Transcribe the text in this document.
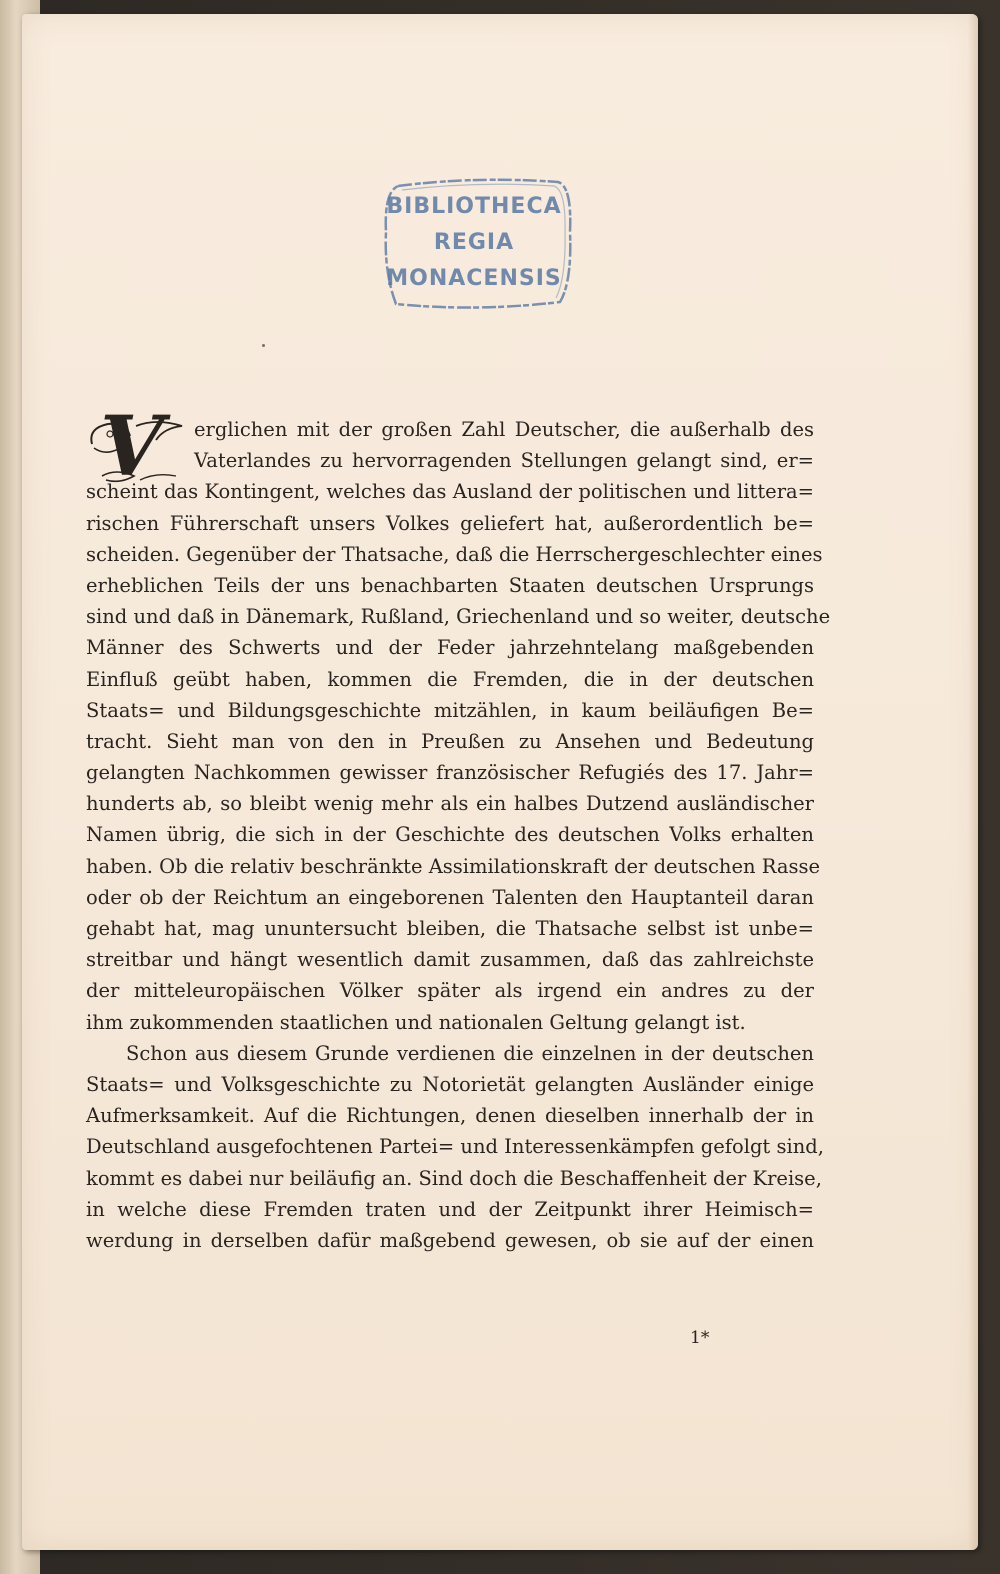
BIBLIOTHECA
REGIA
MONACENSIS
V	erglichen mit der großen Zahl Deutscher, die außerhalb des
Vaterlandes zu hervorragenden Stellungen gelangt sind, er=
scheint das Kontingent, welches das Ausland der politischen und littera=
rischen Führerschaft unsers Volkes geliefert hat, außerordentlich be=
scheiden. Gegenüber der Thatsache, daß die Herrschergeschlechter eines
erheblichen Teils der uns benachbarten Staaten deutschen Ursprungs
sind und daß in Dänemark, Rußland, Griechenland und so weiter, deutsche
Männer des Schwerts und der Feder jahrzehntelang maßgebenden
Einfluß geübt haben, kommen die Fremden, die in der deutschen
Staats= und Bildungsgeschichte mitzählen, in kaum beiläufigen Be=
tracht. Sieht man von den in Preußen zu Ansehen und Bedeutung
gelangten Nachkommen gewisser französischer Refugiés des 17. Jahr=
hunderts ab, so bleibt wenig mehr als ein halbes Dutzend ausländischer
Namen übrig, die sich in der Geschichte des deutschen Volks erhalten
haben. Ob die relativ beschränkte Assimilationskraft der deutschen Rasse
oder ob der Reichtum an eingeborenen Talenten den Hauptanteil daran
gehabt hat, mag ununtersucht bleiben, die Thatsache selbst ist unbe=
streitbar und hängt wesentlich damit zusammen, daß das zahlreichste
der mitteleuropäischen Völker später als irgend ein andres zu der
ihm zukommenden staatlichen und nationalen Geltung gelangt ist.
Schon aus diesem Grunde verdienen die einzelnen in der deutschen
Staats= und Volksgeschichte zu Notorietät gelangten Ausländer einige
Aufmerksamkeit. Auf die Richtungen, denen dieselben innerhalb der in
Deutschland ausgefochtenen Partei= und Interessenkämpfen gefolgt sind,
kommt es dabei nur beiläufig an. Sind doch die Beschaffenheit der Kreise,
in welche diese Fremden traten und der Zeitpunkt ihrer Heimisch=
werdung in derselben dafür maßgebend gewesen, ob sie auf der einen
1*
